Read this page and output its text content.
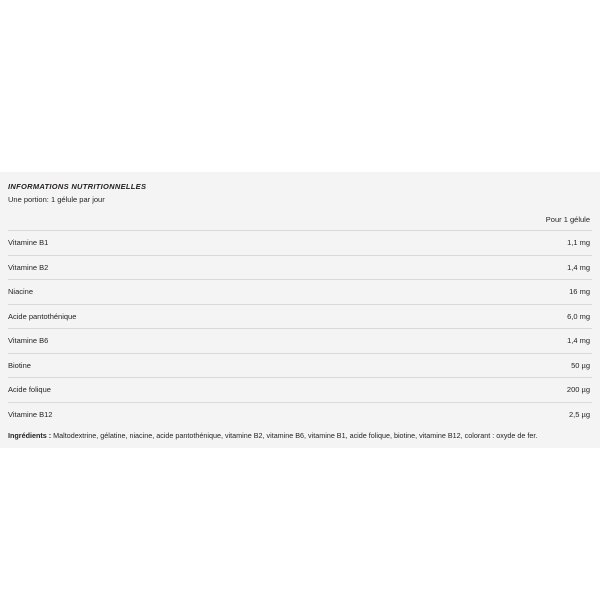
INFORMATIONS NUTRITIONNELLES
Une portion: 1 gélule par jour
	Pour 1 gélule
Vitamine B1	1,1 mg
Vitamine B2	1,4 mg
Niacine	16 mg
Acide pantothénique	6,0 mg
Vitamine B6	1,4 mg
Biotine	50 µg
Acide folique	200 µg
Vitamine B12	2,5 µg
Ingrédients : Maltodextrine, gélatine, niacine, acide pantothénique, vitamine B2, vitamine B6, vitamine B1, acide folique, biotine, vitamine B12, colorant : oxyde de fer.
